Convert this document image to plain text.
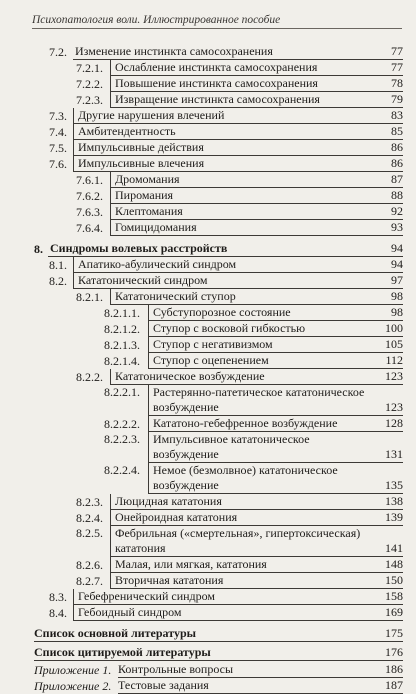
Психопатология воли. Иллюстрированное пособие
7.2. Изменение инстинкта самосохранения	77
7.2.1.	Ослабление инстинкта самосохранения	77
7.2.2.	Повышение инстинкта самосохранения	78
7.2.3.	Извращение инстинкта самосохранения	79
7.3. Другие нарушения влечений	83
7.4. Амбитендентность	85
7.5. Импульсивные действия	86
7.6. Импульсивные влечения	86
7.6.1.	Дромомания	87
7.6.2.	Пиромания	88
7.6.3.	Клептомания	92
7.6.4.	Гомицидомания	93
8. Синдромы волевых расстройств	94
8.1. Апатико-абулический синдром	94
8.2. Кататонический синдром	97
8.2.1.	Кататонический ступор	98
8.2.1.1.	Субступорозное состояние	98
8.2.1.2.	Ступор с восковой гибкостью	100
8.2.1.3.	Ступор с негативизмом	105
8.2.1.4.	Ступор с оцепенением	112
8.2.2.	Кататоническое возбуждение	123
8.2.2.1.	Растерянно-патетическое кататоническое
возбуждение	123
8.2.2.2.	Кататоно-гебефренное возбуждение	128
8.2.2.3.	Импульсивное кататоническое
возбуждение	131
8.2.2.4.	Немое (безмолвное) кататоническое
возбуждение	135
8.2.3.	Люцидная кататония	138
8.2.4.	Онейроидная кататония	139
8.2.5.	Фебрильная («смертельная», гипертоксическая)
кататония	141
8.2.6.	Малая, или мягкая, кататония	148
8.2.7.	Вторичная кататония	150
8.3. Гебефренический синдром	158
8.4. Гебоидный синдром	169
Список основной литературы	175
Список цитируемой литературы	176
Приложение 1. Контрольные вопросы	186
Приложение 2. Тестовые задания	187
